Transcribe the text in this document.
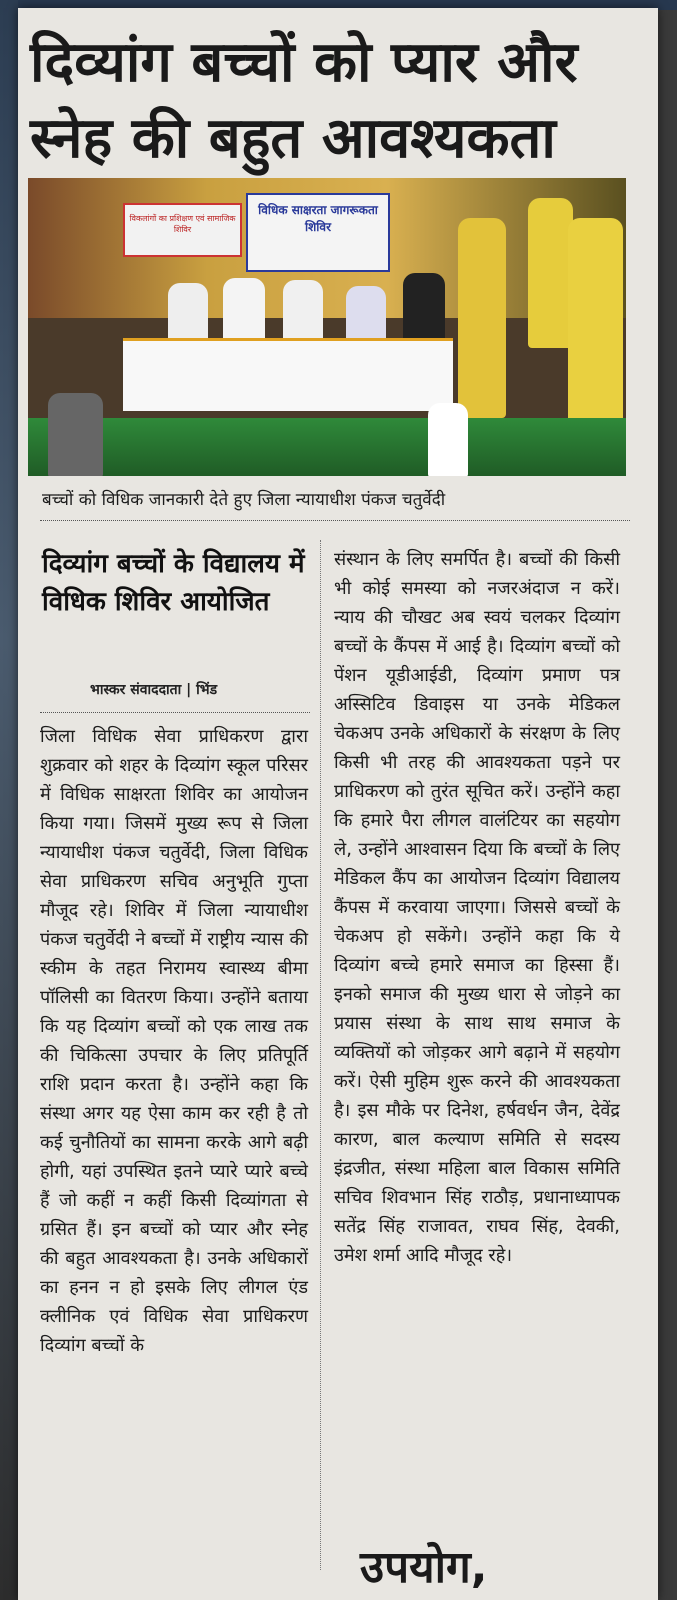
दिव्यांग बच्चों को प्यार और स्नेह की बहुत आवश्यकता
विकलांगों का प्रशिक्षण एवं सामाजिक शिविर
विधिक साक्षरता जागरूकता शिविर
बच्चों को विधिक जानकारी देते हुए जिला न्यायाधीश पंकज चतुर्वेदी
दिव्यांग बच्चों के विद्यालय में विधिक शिविर आयोजित
भास्कर संवाददाता | भिंड
जिला विधिक सेवा प्राधिकरण द्वारा शुक्रवार को शहर के दिव्यांग स्कूल परिसर में विधिक साक्षरता शिविर का आयोजन किया गया। जिसमें मुख्य रूप से जिला न्यायाधीश पंकज चतुर्वेदी, जिला विधिक सेवा प्राधिकरण सचिव अनुभूति गुप्ता मौजूद रहे। शिविर में जिला न्यायाधीश पंकज चतुर्वेदी ने बच्चों में राष्ट्रीय न्यास की स्कीम के तहत निरामय स्वास्थ्य बीमा पॉलिसी का वितरण किया। उन्होंने बताया कि यह दिव्यांग बच्चों को एक लाख तक की चिकित्सा उपचार के लिए प्रतिपूर्ति राशि प्रदान करता है। उन्होंने कहा कि संस्था अगर यह ऐसा काम कर रही है तो कई चुनौतियों का सामना करके आगे बढ़ी होगी, यहां उपस्थित इतने प्यारे प्यारे बच्चे हैं जो कहीं न कहीं किसी दिव्यांगता से ग्रसित हैं। इन बच्चों को प्यार और स्नेह की बहुत आवश्यकता है। उनके अधिकारों का हनन न हो इसके लिए लीगल एंड क्लीनिक एवं विधिक सेवा प्राधिकरण दिव्यांग बच्चों के
संस्थान के लिए समर्पित है। बच्चों की किसी भी कोई समस्या को नजरअंदाज न करें। न्याय की चौखट अब स्वयं चलकर दिव्यांग बच्चों के कैंपस में आई है। दिव्यांग बच्चों को पेंशन यूडीआईडी, दिव्यांग प्रमाण पत्र अस्सिटिव डिवाइस या उनके मेडिकल चेकअप उनके अधिकारों के संरक्षण के लिए किसी भी तरह की आवश्यकता पड़ने पर प्राधिकरण को तुरंत सूचित करें। उन्होंने कहा कि हमारे पैरा लीगल वालंटियर का सहयोग ले, उन्होंने आश्वासन दिया कि बच्चों के लिए मेडिकल कैंप का आयोजन दिव्यांग विद्यालय कैंपस में करवाया जाएगा। जिससे बच्चों के चेकअप हो सकेंगे। उन्होंने कहा कि ये दिव्यांग बच्चे हमारे समाज का हिस्सा हैं। इनको समाज की मुख्य धारा से जोड़ने का प्रयास संस्था के साथ साथ समाज के व्यक्तियों को जोड़कर आगे बढ़ाने में सहयोग करें। ऐसी मुहिम शुरू करने की आवश्यकता है। इस मौके पर दिनेश, हर्षवर्धन जैन, देवेंद्र कारण, बाल कल्याण समिति से सदस्य इंद्रजीत, संस्था महिला बाल विकास समिति सचिव शिवभान सिंह राठौड़, प्रधानाध्यापक सतेंद्र सिंह राजावत, राघव सिंह, देवकी, उमेश शर्मा आदि मौजूद रहे।
उपयोग,
